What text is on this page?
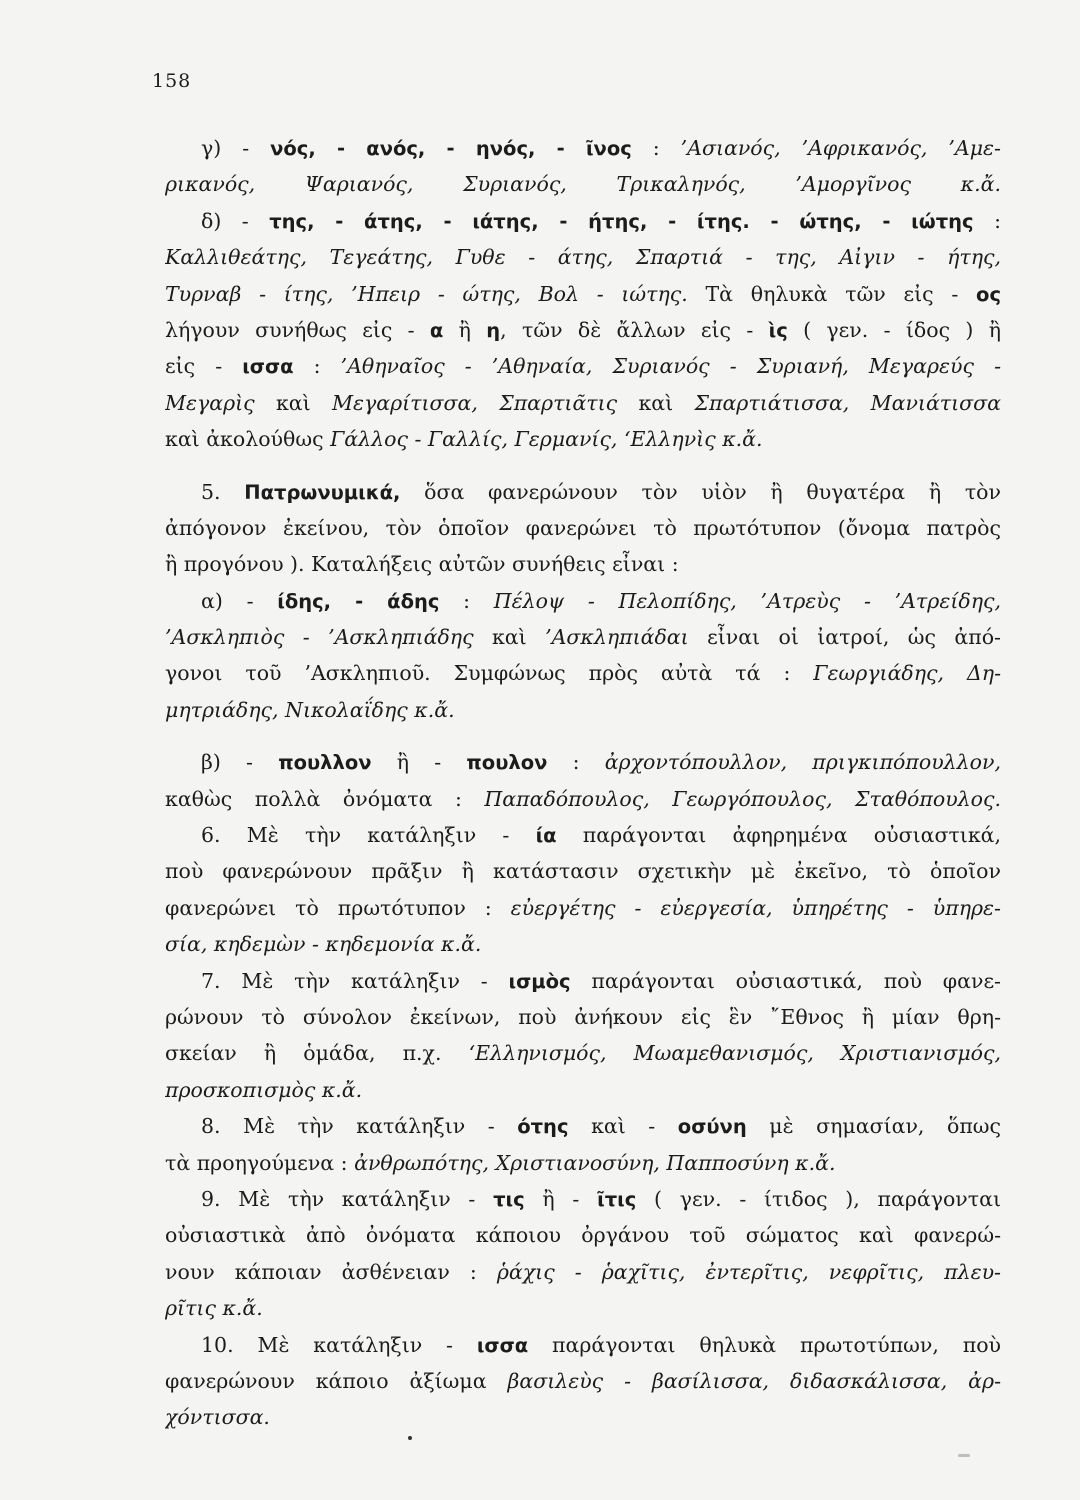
158
γ) - νός, - ανός, - ηνός, - ῖνος : ’Ασιανός, ’Αφρικανός, ’Αμε-
ρικανός, Ψαριανός, Συριανός, Τρικαληνός, ’Αμοργῖνος κ.ἄ.
δ) - της, - άτης, - ιάτης, - ήτης, - ίτης. - ώτης, - ιώτης :
Καλλιθεάτης, Τεγεάτης, Γυθε - άτης, Σπαρτιά - της, Αἰγιν - ήτης,
Τυρναβ - ίτης, ’Ηπειρ - ώτης, Βολ - ιώτης. Τὰ θηλυκὰ τῶν εἰς - ος
λήγουν συνήθως εἰς - α ἢ η, τῶν δὲ ἄλλων εἰς - ὶς ( γεν. - ίδος ) ἢ
εἰς - ισσα : ’Αθηναῖος - ’Αθηναία, Συριανός - Συριανή, Μεγαρεύς -
Μεγαρὶς καὶ Μεγαρίτισσα, Σπαρτιᾶτις καὶ Σπαρτιάτισσα, Μανιάτισσα
καὶ ἀκολούθως Γάλλος - Γαλλίς, Γερμανίς, ‘Ελληνὶς κ.ἄ.
5. Πατρωνυμικά, ὅσα φανερώνουν τὸν υἱὸν ἢ θυγατέρα ἢ τὸν
ἀπόγονον ἐκείνου, τὸν ὁποῖον φανερώνει τὸ πρωτότυπον (ὄνομα πατρὸς
ἢ προγόνου ). Καταλήξεις αὐτῶν συνήθεις εἶναι :
α) - ίδης, - άδης : Πέλοψ - Πελοπίδης, ’Ατρεὺς - ’Ατρείδης,
’Ασκληπιὸς - ’Ασκληπιάδης καὶ ’Ασκληπιάδαι εἶναι οἱ ἰατροί, ὡς ἀπό-
γονοι τοῦ ’Ασκληπιοῦ. Συμφώνως πρὸς αὐτὰ τά : Γεωργιάδης, Δη-
μητριάδης, Νικολαΐδης κ.ἄ.
β) - πουλλον ἢ - πουλον : ἀρχοντόπουλλον, πριγκιπόπουλλον,
καθὼς πολλὰ ὀνόματα : Παπαδόπουλος, Γεωργόπουλος, Σταθόπουλος.
6. Μὲ τὴν κατάληξιν - ία παράγονται ἀφηρημένα οὐσιαστικά,
ποὺ φανερώνουν πρᾶξιν ἢ κατάστασιν σχετικὴν μὲ ἐκεῖνο, τὸ ὁποῖον
φανερώνει τὸ πρωτότυπον : εὐεργέτης - εὐεργεσία, ὑπηρέτης - ὑπηρε-
σία, κηδεμὼν - κηδεμονία κ.ἄ.
7. Μὲ τὴν κατάληξιν - ισμὸς παράγονται οὐσιαστικά, ποὺ φανε-
ρώνουν τὸ σύνολον ἐκείνων, ποὺ ἀνήκουν εἰς ἓν ῎Εθνος ἢ μίαν θρη-
σκείαν ἢ ὁμάδα, π.χ. ‘Ελληνισμός, Μωαμεθανισμός, Χριστιανισμός,
προσκοπισμὸς κ.ἄ.
8. Μὲ τὴν κατάληξιν - ότης καὶ - οσύνη μὲ σημασίαν, ὅπως
τὰ προηγούμενα : ἀνθρωπότης, Χριστιανοσύνη, Παπποσύνη κ.ἄ.
9. Μὲ τὴν κατάληξιν - τις ἢ - ῖτις ( γεν. - ίτιδος ), παράγονται
οὐσιαστικὰ ἀπὸ ὀνόματα κάποιου ὀργάνου τοῦ σώματος καὶ φανερώ-
νουν κάποιαν ἀσθένειαν : ῥάχις - ῥαχῖτις, ἐντερῖτις, νεφρῖτις, πλευ-
ρῖτις κ.ἄ.
10. Μὲ κατάληξιν - ισσα παράγονται θηλυκὰ πρωτοτύπων, ποὺ
φανερώνουν κάποιο ἀξίωμα βασιλεὺς - βασίλισσα, διδασκάλισσα, ἀρ-
χόντισσα.
